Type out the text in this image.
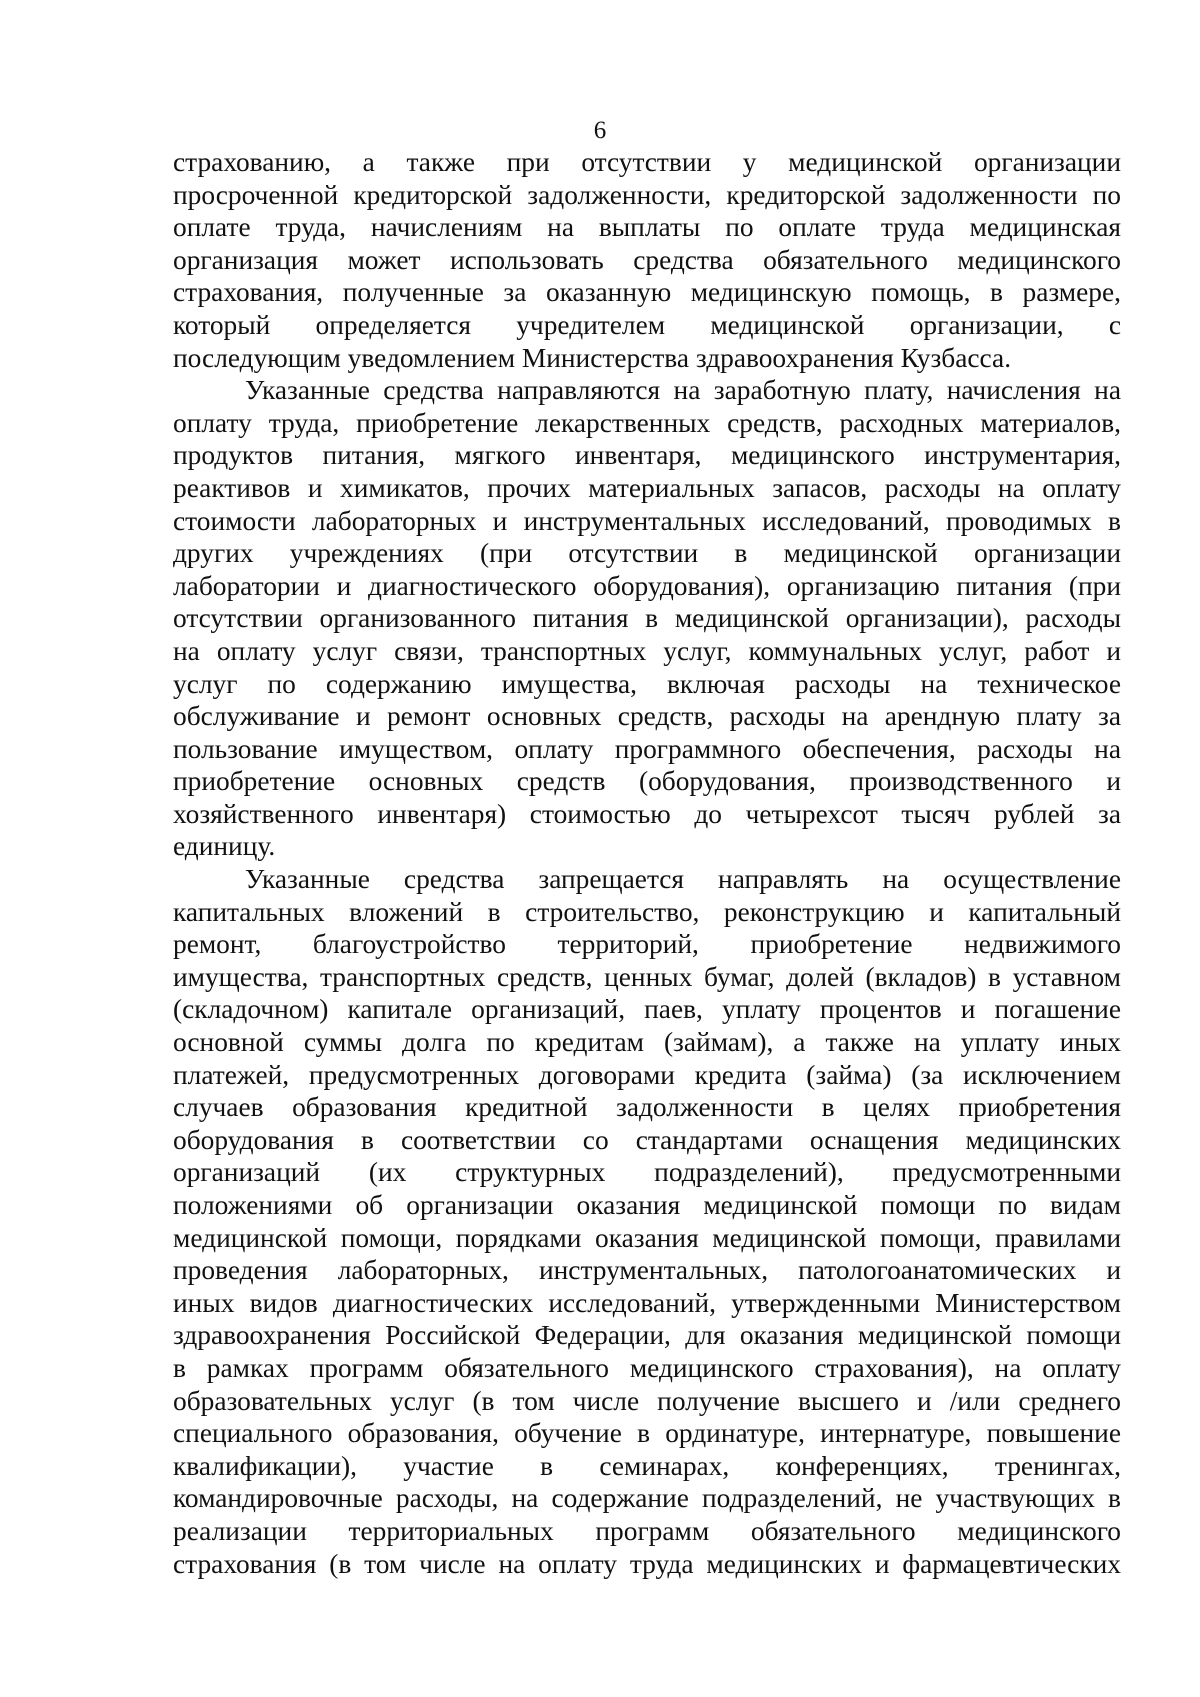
6

страхованию, а также при отсутствии у медицинской организации
просроченной кредиторской задолженности, кредиторской задолженности по
оплате труда, начислениям на выплаты по оплате труда медицинская
организация может использовать средства обязательного медицинского
страхования, полученные за оказанную медицинскую помощь, в размере,
который определяется учредителем медицинской организации, с
последующим уведомлением Министерства здравоохранения Кузбасса.

Указанные средства направляются на заработную плату, начисления на
оплату труда, приобретение лекарственных средств, расходных материалов,
продуктов питания, мягкого инвентаря, медицинского инструментария,
реактивов и химикатов, прочих материальных запасов, расходы на оплату
стоимости лабораторных и инструментальных исследований, проводимых в
других учреждениях (при отсутствии в медицинской организации
лаборатории и диагностического оборудования), организацию питания (при
отсутствии организованного питания в медицинской организации), расходы
на оплату услуг связи, транспортных услуг, коммунальных услуг, работ и
услуг по содержанию имущества, включая расходы на техническое
обслуживание и ремонт основных средств, расходы на арендную плату за
пользование имуществом, оплату программного обеспечения, расходы на
приобретение основных средств (оборудования, производственного и
хозяйственного инвентаря) стоимостью до четырехсот тысяч рублей за
единицу.

Указанные средства запрещается направлять на осуществление
капитальных вложений в строительство, реконструкцию и капитальный
ремонт, благоустройство территорий, приобретение недвижимого
имущества, транспортных средств, ценных бумаг, долей (вкладов) в уставном
(складочном) капитале организаций, паев, уплату процентов и погашение
основной суммы долга по кредитам (займам), а также на уплату иных
платежей, предусмотренных договорами кредита (займа) (за исключением
случаев образования кредитной задолженности в целях приобретения
оборудования в соответствии со стандартами оснащения медицинских
организаций (их структурных подразделений), предусмотренными
положениями об организации оказания медицинской помощи по видам
медицинской помощи, порядками оказания медицинской помощи, правилами
проведения лабораторных, инструментальных, патологоанатомических и
иных видов диагностических исследований, утвержденными Министерством
здравоохранения Российской Федерации, для оказания медицинской помощи
в рамках программ обязательного медицинского страхования), на оплату
образовательных услуг (в том числе получение высшего и /или среднего
специального образования, обучение в ординатуре, интернатуре, повышение
квалификации), участие в семинарах, конференциях, тренингах,
командировочные расходы, на содержание подразделений, не участвующих в
реализации территориальных программ обязательного медицинского
страхования (в том числе на оплату труда медицинских и фармацевтических
